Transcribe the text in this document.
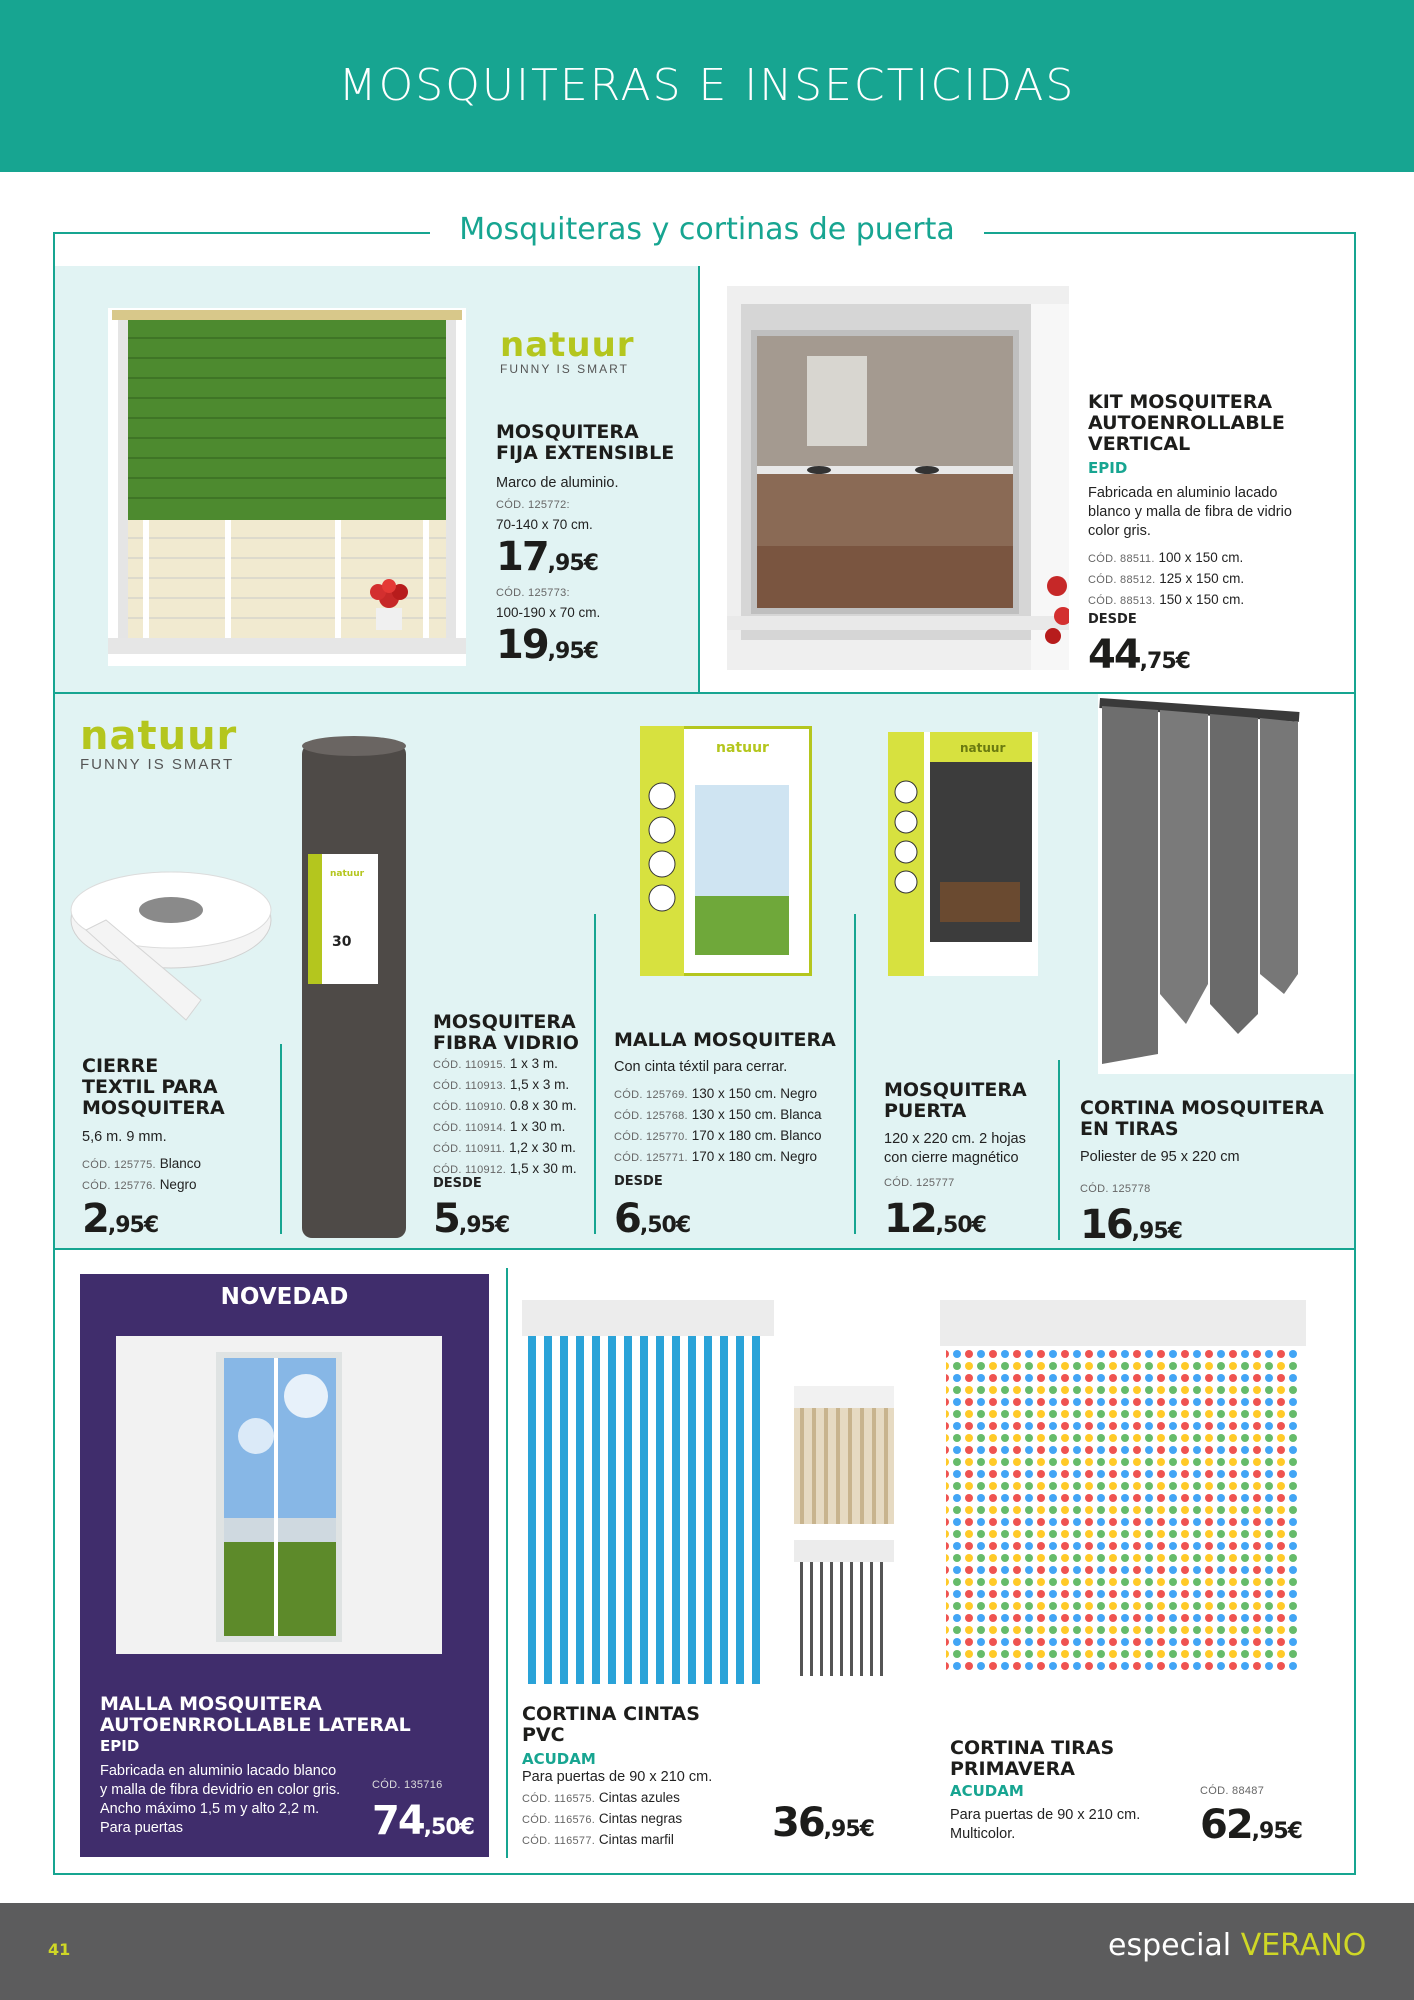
MOSQUITERAS E INSECTICIDAS
Mosquiteras y cortinas de puerta
natuur
FUNNY IS SMART
MOSQUITERA
FIJA EXTENSIBLE
Marco de aluminio.
CÓD. 125772:
70-140 x 70 cm.
17,95€
CÓD. 125773:
100-190 x 70 cm.
19,95€
KIT MOSQUITERA
AUTOENROLLABLE
VERTICAL
EPID
Fabricada en aluminio lacado
blanco y malla de fibra de vidrio
color gris.
CÓD. 88511. 100 x 150 cm.
CÓD. 88512. 125 x 150 cm.
CÓD. 88513. 150 x 150 cm.
DESDE
44,75€
natuur
FUNNY IS SMART
CIERRE
TEXTIL PARA
MOSQUITERA
5,6 m. 9 mm.
CÓD. 125775. Blanco
CÓD. 125776. Negro
2,95€
natuur
30
MOSQUITERA
FIBRA VIDRIO
CÓD. 110915. 1 x 3 m.
CÓD. 110913. 1,5 x 3 m.
CÓD. 110910. 0.8 x 30 m.
CÓD. 110914. 1 x 30 m.
CÓD. 110911. 1,2 x 30 m.
CÓD. 110912. 1,5 x 30 m.
DESDE
5,95€
natuur
MALLA MOSQUITERA
Con cinta téxtil para cerrar.
CÓD. 125769. 130 x 150 cm. Negro
CÓD. 125768. 130 x 150 cm. Blanca
CÓD. 125770. 170 x 180 cm. Blanco
CÓD. 125771. 170 x 180 cm. Negro
DESDE
6,50€
natuur
MOSQUITERA
PUERTA
120 x 220 cm. 2 hojas
con cierre magnético
CÓD. 125777
12,50€
CORTINA MOSQUITERA
EN TIRAS
Poliester de 95 x 220 cm
CÓD. 125778
16,95€
NOVEDAD
MALLA MOSQUITERA
AUTOENRROLLABLE LATERAL
EPID
Fabricada en aluminio lacado blanco
y malla de fibra devidrio en color gris.
Ancho máximo 1,5 m y alto 2,2 m.
Para puertas
CÓD. 135716
74,50€
CORTINA CINTAS
PVC
ACUDAM
Para puertas de 90 x 210 cm.
CÓD. 116575. Cintas azules
CÓD. 116576. Cintas negras
CÓD. 116577. Cintas marfil 36,95€
CORTINA TIRAS
PRIMAVERA
ACUDAM
Para puertas de 90 x 210 cm.
Multicolor.
CÓD. 88487
62,95€
41	especial VERANO
